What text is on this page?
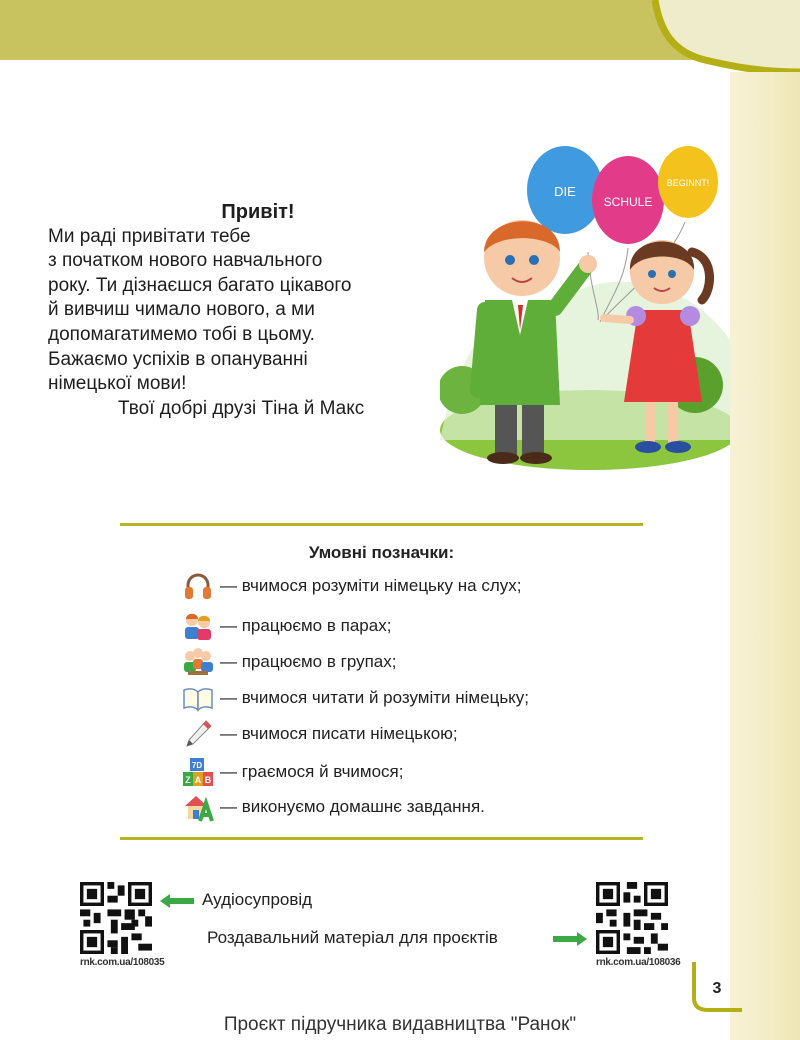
Привіт!
Ми раді привітати тебе
з початком нового навчального
року. Ти дізнаєшся багато цікавого
й вивчиш чимало нового, а ми
допомагатимемо тобі в цьому.
Бажаємо успіхів в опануванні
німецької мови!
Твої добрі друзі Тіна й Макс
DIE
SCHULE
BEGINNT!
Умовні позначки:
— вчимося розуміти німецьку на слух;
— працюємо в парах;
— працюємо в групах;
— вчимося читати й розуміти німецьку;
— вчимося писати німецькою;
7D
Z A B — граємося й вчимося;
— виконуємо домашнє завдання.
rnk.com.ua/108035
Аудіосупровід
Роздавальний матеріал для проєктів
rnk.com.ua/108036
3
Проєкт підручника видавництва "Ранок"
